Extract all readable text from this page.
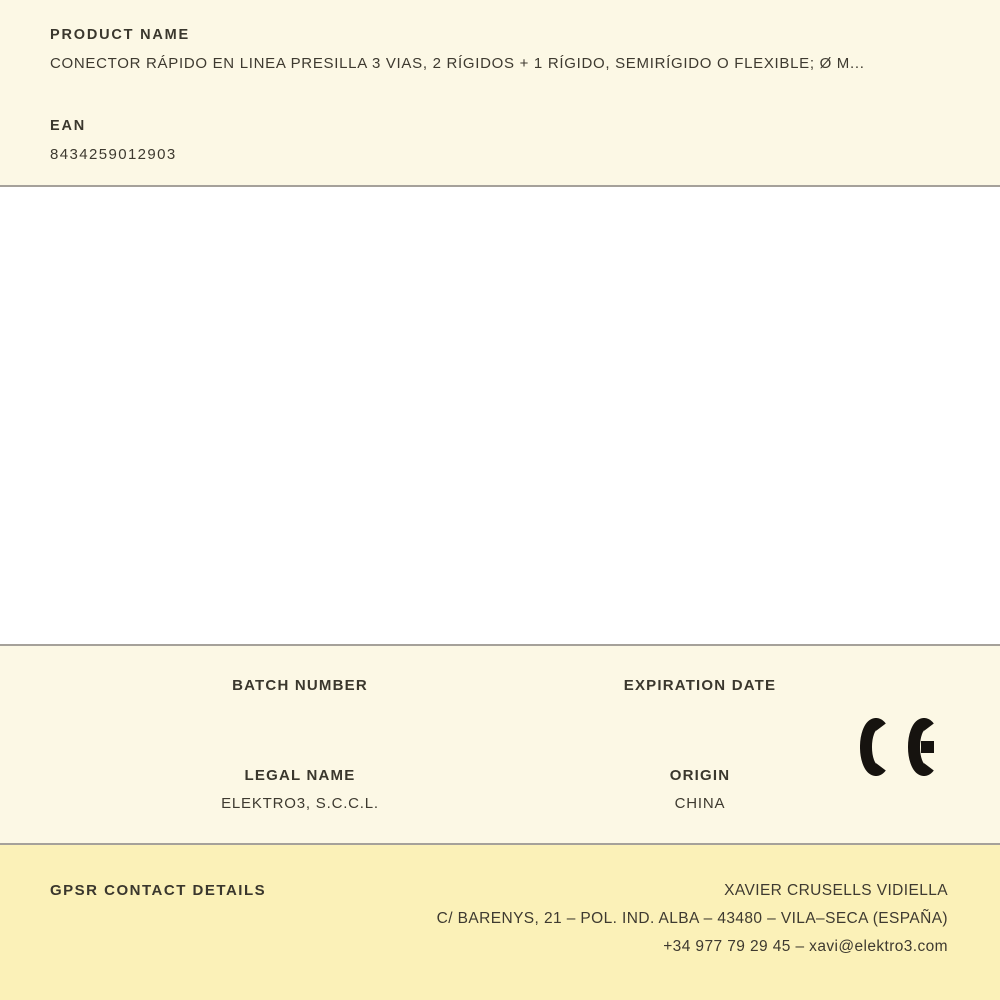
PRODUCT NAME
CONECTOR RÁPIDO EN LINEA PRESILLA 3 VIAS, 2 RÍGIDOS + 1 RÍGIDO, SEMIRÍGIDO O FLEXIBLE; Ø M...
EAN
8434259012903
BATCH NUMBER	EXPIRATION DATE
LEGAL NAME
ELEKTRO3, S.C.C.L.
ORIGIN
CHINA
GPSR CONTACT DETAILS	XAVIER CRUSELLS VIDIELLA
C/ BARENYS, 21 – POL. IND. ALBA – 43480 – VILA–SECA (ESPAÑA)
+34 977 79 29 45 – xavi@elektro3.com
